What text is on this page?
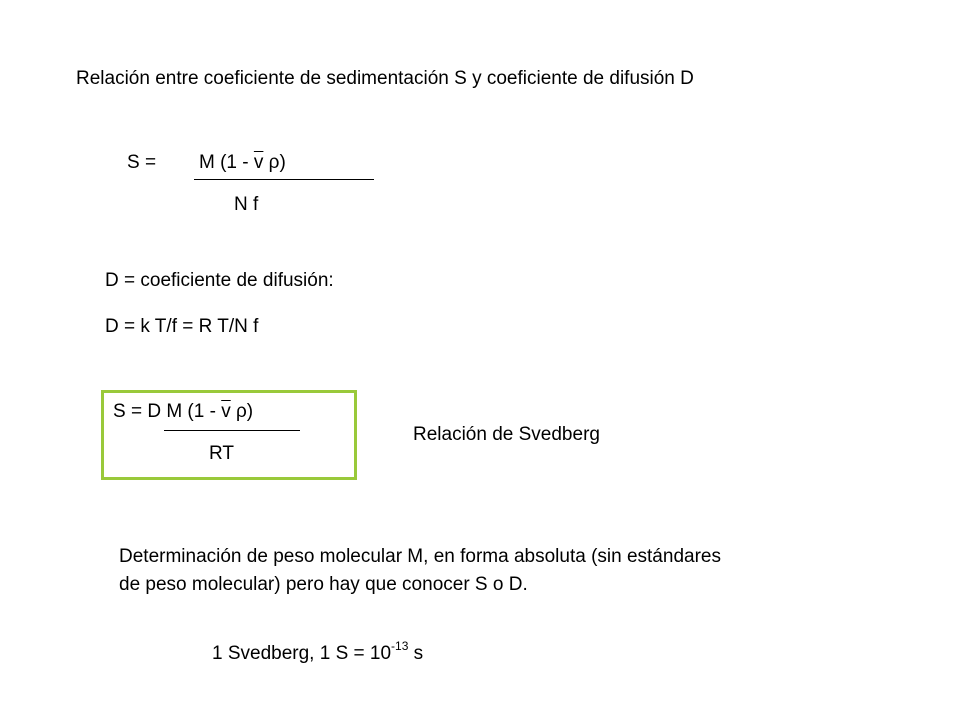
Relación entre coeficiente de sedimentación S y coeficiente de difusión D
S = M ($1 - \overline{v}$ ρ)
N f
D = coeficiente de difusión:
D = k T/f = R T/N f
S = D M ($1 - \overline{v}$ ρ)
RT
Relación de Svedberg
Determinación de peso molecular M, en forma absoluta (sin estándares
de peso molecular) pero hay que conocer S o D.
1 Svedberg, 1 $S = 10^{-13}$ s
